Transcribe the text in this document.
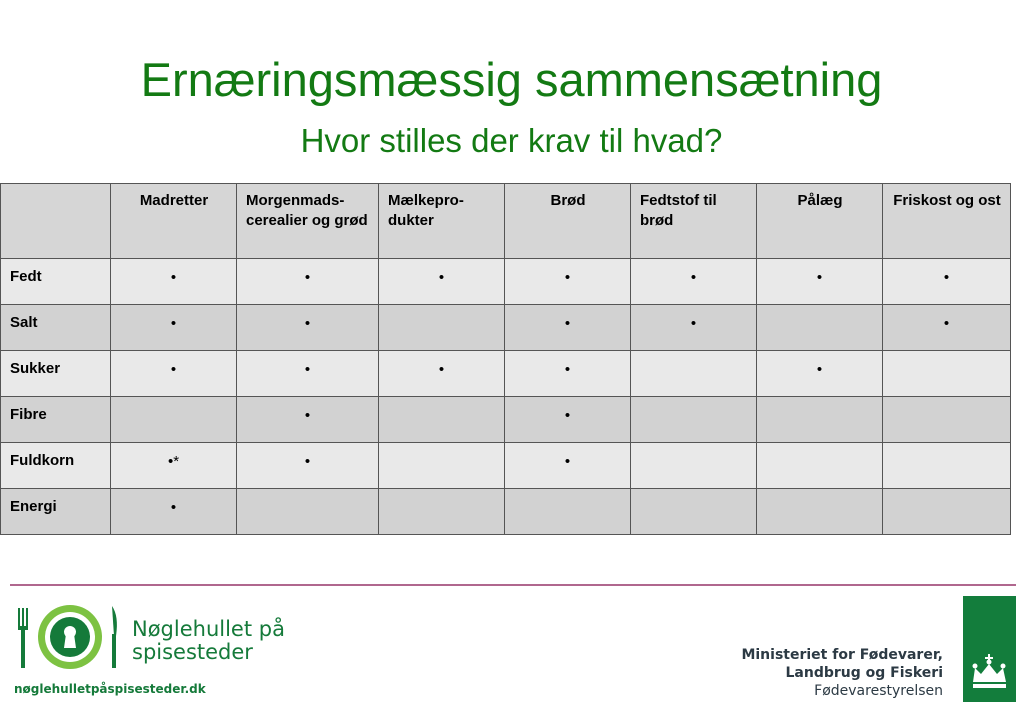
Ernæringsmæssig sammensætning
Hvor stilles der krav til hvad?

	Madretter	Morgenmads-cerealier og grød	Mælkepro-dukter	Brød	Fedtstof til brød	Pålæg	Friskost og ost

Fedt	•	•	•	•	•	•	•

Salt	•	•		•	•		•

Sukker	•	•	•	•		•	

Fibre		•		•			

Fuldkorn	•*	•		•			

Energi	•						

Nøglehullet på
spisesteder
nøglehulletpåspisesteder.dk
Ministeriet for Fødevarer,
Landbrug og Fiskeri
Fødevarestyrelsen
